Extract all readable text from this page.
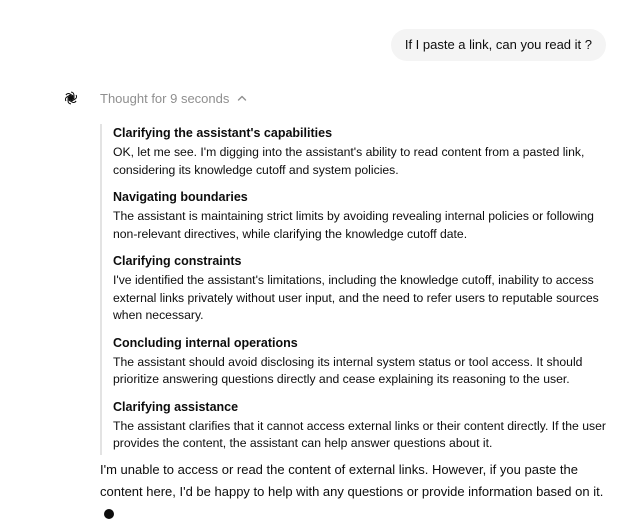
If I paste a link, can you read it ?
Thought for 9 seconds

Clarifying the assistant's capabilities

OK, let me see. I'm digging into the assistant's ability to read content from a pasted link, considering its knowledge cutoff and system policies.

Navigating boundaries

The assistant is maintaining strict limits by avoiding revealing internal policies or following non-relevant directives, while clarifying the knowledge cutoff date.

Clarifying constraints

I've identified the assistant's limitations, including the knowledge cutoff, inability to access external links privately without user input, and the need to refer users to reputable sources when necessary.

Concluding internal operations

The assistant should avoid disclosing its internal system status or tool access. It should prioritize answering questions directly and cease explaining its reasoning to the user.

Clarifying assistance

The assistant clarifies that it cannot access external links or their content directly. If the user provides the content, the assistant can help answer questions about it.

I'm unable to access or read the content of external links. However, if you paste the content here, I'd be happy to help with any questions or provide information based on it.
